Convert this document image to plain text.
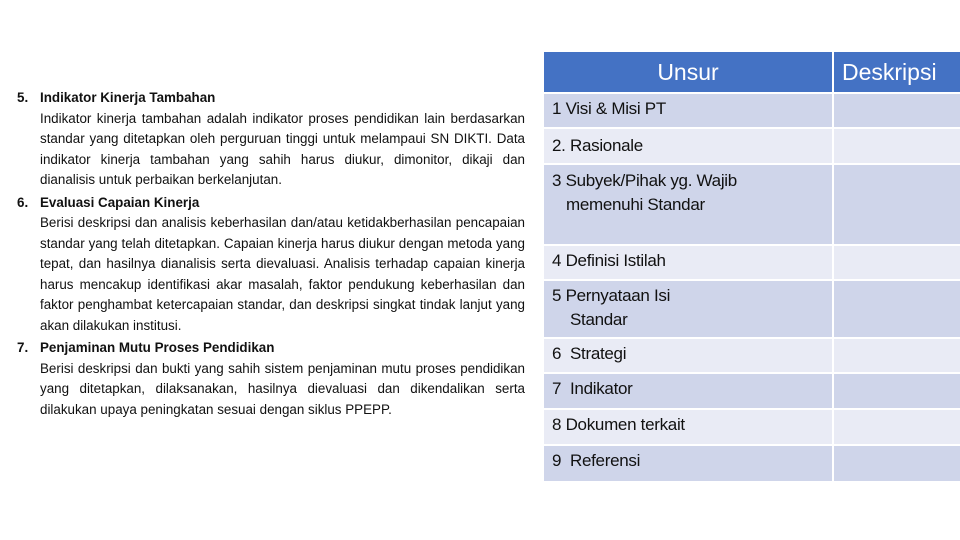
5. Indikator Kinerja Tambahan
Indikator kinerja tambahan adalah indikator proses pendidikan lain berdasarkan standar yang ditetapkan oleh perguruan tinggi untuk melampaui SN DIKTI. Data indikator kinerja tambahan yang sahih harus diukur, dimonitor, dikaji dan dianalisis untuk perbaikan berkelanjutan.
6. Evaluasi Capaian Kinerja
Berisi deskripsi dan analisis keberhasilan dan/atau ketidakberhasilan pencapaian standar yang telah ditetapkan. Capaian kinerja harus diukur dengan metoda yang tepat, dan hasilnya dianalisis serta dievaluasi. Analisis terhadap capaian kinerja harus mencakup identifikasi akar masalah, faktor pendukung keberhasilan dan faktor penghambat ketercapaian standar, dan deskripsi singkat tindak lanjut yang akan dilakukan institusi.
7. Penjaminan Mutu Proses Pendidikan
Berisi deskripsi dan bukti yang sahih sistem penjaminan mutu proses pendidikan yang ditetapkan, dilaksanakan, hasilnya dievaluasi dan dikendalikan serta dilakukan upaya peningkatan sesuai dengan siklus PPEPP.
Unsur	Deskripsi
1 Visi & Misi PT	
2. Rasionale	

3 Subyek/Pihak yg. Wajib
memenuhi Standar	

4 Definisi Istilah	

5 Pernyataan Isi
Standar	

6  Strategi	
7  Indikator	
8 Dokumen terkait	
9  Referensi	
